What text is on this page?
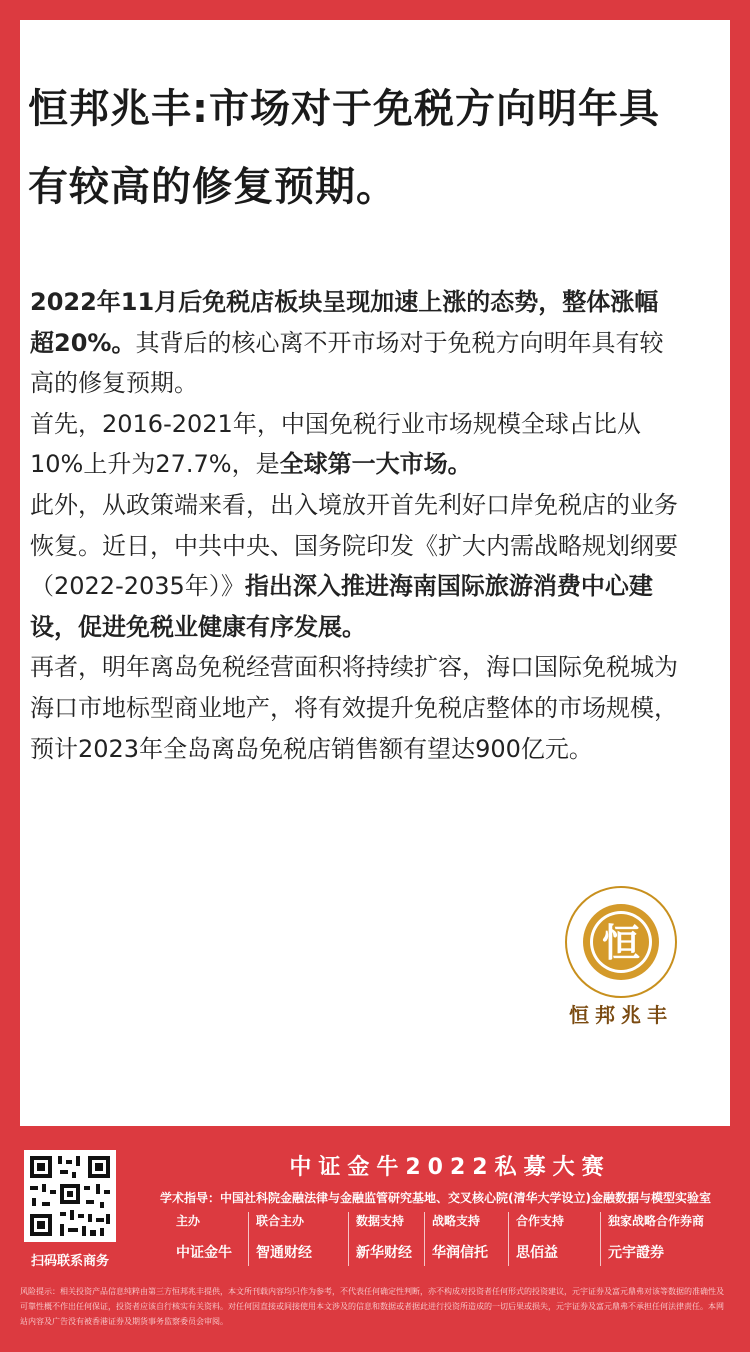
恒邦兆丰:市场对于免税方向明年具有较高的修复预期。

2022年11月后免税店板块呈现加速上涨的态势，整体涨幅超20%。其背后的核心离不开市场对于免税方向明年具有较高的修复预期。

首先，2016-2021年，中国免税行业市场规模全球占比从10%上升为27.7%，是全球第一大市场。

此外，从政策端来看，出入境放开首先利好口岸免税店的业务恢复。近日，中共中央、国务院印发《扩大内需战略规划纲要（2022-2035年）》指出深入推进海南国际旅游消费中心建设，促进免税业健康有序发展。

再者，明年离岛免税经营面积将持续扩容，海口国际免税城为海口市地标型商业地产，将有效提升免税店整体的市场规模，预计2023年全岛离岛免税店销售额有望达900亿元。

恒
恒邦兆丰
扫码联系商务
中证金牛2022私募大赛
学术指导：中国社科院金融法律与金融监管研究基地、交叉核心院(清华大学设立)金融数据与模型实验室
主办
中证金牛
联合主办
智通财经
数据支持
新华财经
战略支持
华润信托
合作支持
思佰益
独家战略合作券商
元宇證券
风险提示：相关投资产品信息纯粹由第三方恒邦兆丰提供，本文所刊载内容均只作为参考，不代表任何确定性判断，亦不构成对投资者任何形式的投资建议，元宇证券及富元鼎弗对该等数据的准确性及可靠性概不作出任何保证，投资者应该自行核实有关资料。对任何因直接或间接使用本文涉及的信息和数据或者据此进行投资所造成的一切后果或损失，元宇证券及富元鼎弗不承担任何法律责任。本网站内容及广告没有被香港证券及期货事务监察委员会审阅。
